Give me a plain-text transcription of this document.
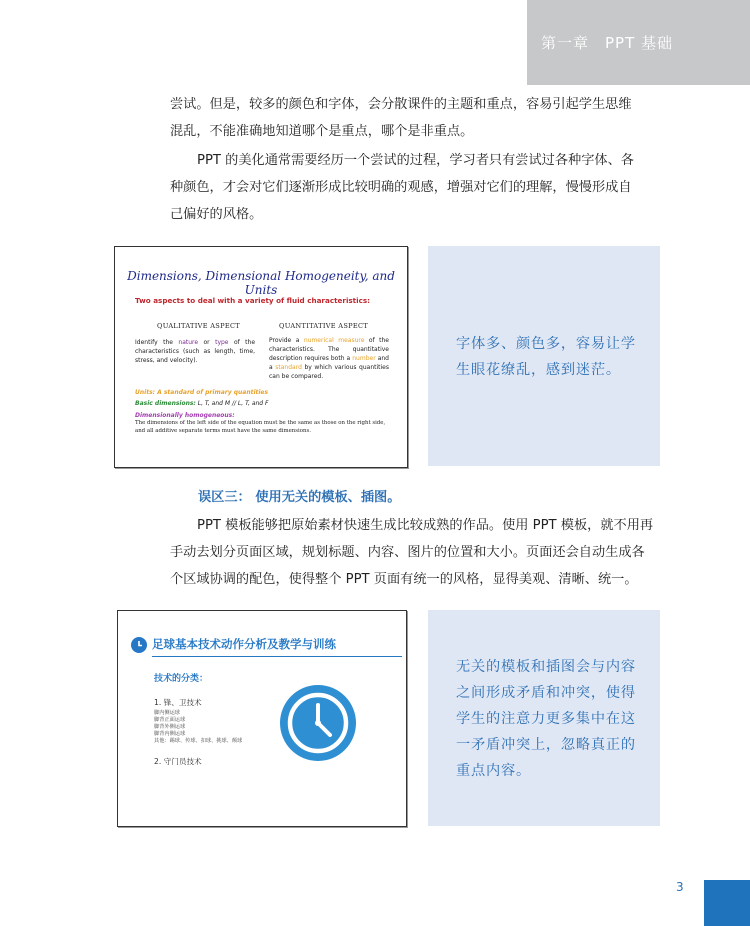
第一章　PPT 基础
尝试。但是，较多的颜色和字体，会分散课件的主题和重点，容易引起学生思维
混乱，不能准确地知道哪个是重点，哪个是非重点。
PPT 的美化通常需要经历一个尝试的过程，学习者只有尝试过各种字体、各
种颜色，才会对它们逐渐形成比较明确的观感，增强对它们的理解，慢慢形成自
己偏好的风格。
Dimensions, Dimensional Homogeneity, and Units
Two aspects to deal with a variety of fluid characteristics:
QUALITATIVE ASPECT	QUANTITATIVE ASPECT
Identify the nature or type of the characteristics (such as length, time, stress, and velocity).
Provide a numerical measure of the characteristics. The quantitative description requires both a number and a standard by which various quantities can be compared.
Units: A standard of primary quantities
Basic dimensions: L, T, and M // L, T, and F
Dimensionally homogeneous:
The dimensions of the left side of the equation must be the same as those on the right side, and all additive separate terms must have the same dimensions.
字体多、颜色多，容易让学
生眼花缭乱，感到迷茫。
误区三： 使用无关的模板、插图。
PPT 模板能够把原始素材快速生成比较成熟的作品。使用 PPT 模板，就不用再
手动去划分页面区域，规划标题、内容、图片的位置和大小。页面还会自动生成各
个区域协调的配色，使得整个 PPT 页面有统一的风格，显得美观、清晰、统一。
足球基本技术动作分析及教学与训练
技术的分类：
1. 锋、卫技术
脚内侧运球
脚背正面运球
脚背外侧运球
脚背内侧运球
其他：踢球、传球、扣球、挑球、颠球
2. 守门员技术
无关的模板和插图会与内容
之间形成矛盾和冲突，使得
学生的注意力更多集中在这
一矛盾冲突上，忽略真正的
重点内容。
3
